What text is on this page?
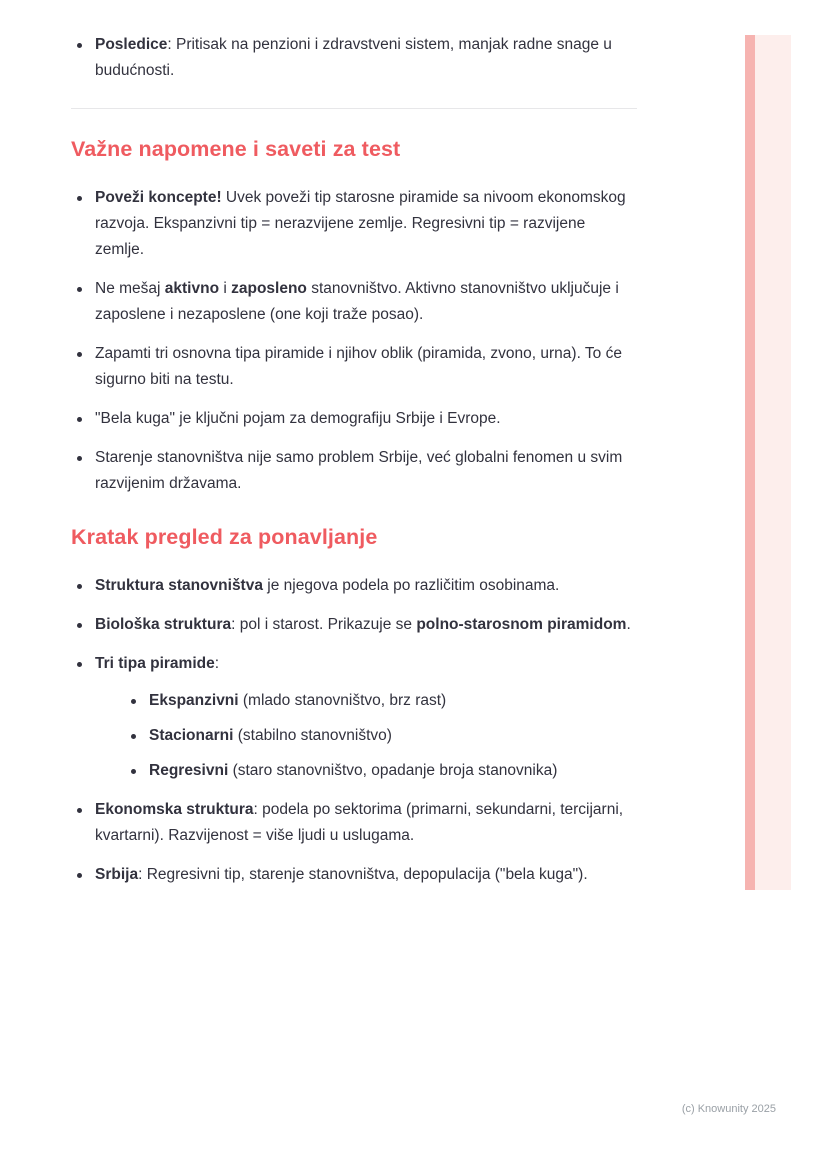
Posledice: Pritisak na penzioni i zdravstveni sistem, manjak radne snage u budućnosti.
Važne napomene i saveti za test
Poveži koncepte! Uvek poveži tip starosne piramide sa nivoom ekonomskog razvoja. Ekspanzivni tip = nerazvijene zemlje. Regresivni tip = razvijene zemlje.
Ne mešaj aktivno i zaposleno stanovništvo. Aktivno stanovništvo uključuje i zaposlene i nezaposlene (one koji traže posao).
Zapamti tri osnovna tipa piramide i njihov oblik (piramida, zvono, urna). To će sigurno biti na testu.
"Bela kuga" je ključni pojam za demografiju Srbije i Evrope.
Starenje stanovništva nije samo problem Srbije, već globalni fenomen u svim razvijenim državama.
Kratak pregled za ponavljanje
Struktura stanovništva je njegova podela po različitim osobinama.
Biološka struktura: pol i starost. Prikazuje se polno-starosnom piramidom.
Tri tipa piramide:
Ekspanzivni (mlado stanovništvo, brz rast)
Stacionarni (stabilno stanovništvo)
Regresivni (staro stanovništvo, opadanje broja stanovnika)
Ekonomska struktura: podela po sektorima (primarni, sekundarni, tercijarni, kvartarni). Razvijenost = više ljudi u uslugama.
Srbija: Regresivni tip, starenje stanovništva, depopulacija ("bela kuga").
(c) Knowunity 2025
